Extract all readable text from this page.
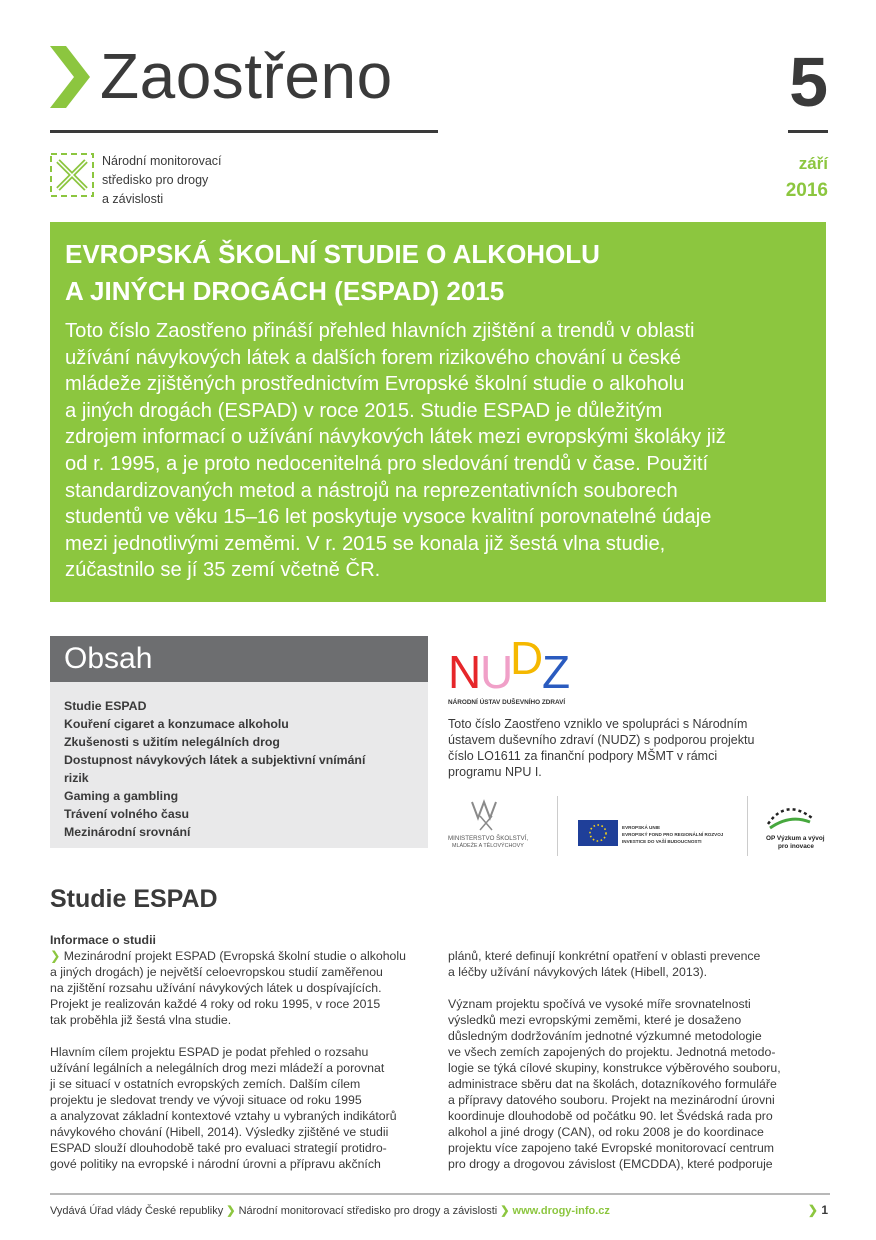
Zaostřeno
Národní monitorovací
středisko pro drogy
a závislosti
5
září
2016
EVROPSKÁ ŠKOLNÍ STUDIE O ALKOHOLU
A JINÝCH DROGÁCH (ESPAD) 2015
Toto číslo Zaostřeno přináší přehled hlavních zjištění a trendů v oblasti
užívání návykových látek a dalších forem rizikového chování u české
mládeže zjištěných prostřednictvím Evropské školní studie o alkoholu
a jiných drogách (ESPAD) v roce 2015. Studie ESPAD je důležitým
zdrojem informací o užívání návykových látek mezi evropskými školáky již
od r. 1995, a je proto nedocenitelná pro sledování trendů v čase. Použití
standardizovaných metod a nástrojů na reprezentativních souborech
studentů ve věku 15–16 let poskytuje vysoce kvalitní porovnatelné údaje
mezi jednotlivými zeměmi. V r. 2015 se konala již šestá vlna studie,
zúčastnilo se jí 35 zemí včetně ČR.
Obsah
Studie ESPAD
Kouření cigaret a konzumace alkoholu
Zkušenosti s užitím nelegálních drog
Dostupnost návykových látek a subjektivní vnímání
rizik
Gaming a gambling
Trávení volného času
Mezinárodní srovnání
N
U
D
Z
NÁRODNÍ ÚSTAV DUŠEVNÍHO ZDRAVÍ
Toto číslo Zaostřeno vzniklo ve spolupráci s Národním
ústavem duševního zdraví (NUDZ) s podporou projektu
číslo LO1611 za finanční podpory MŠMT v rámci
programu NPU I.
MINISTERSTVO ŠKOLSTVÍ,
MLÁDEŽE A TĚLOVÝCHOVY
EVROPSKÁ UNIE
EVROPSKÝ FOND PRO REGIONÁLNÍ ROZVOJ
INVESTICE DO VAŠÍ BUDOUCNOSTI	OP Výzkum a vývoj
pro inovace
Studie ESPAD
Informace o studii
❯ Mezinárodní projekt ESPAD (Evropská školní studie o alkoholu
a jiných drogách) je největší celoevropskou studií zaměřenou
na zjištění rozsahu užívání návykových látek u dospívajících.
Projekt je realizován každé 4 roky od roku 1995, v roce 2015
tak proběhla již šestá vlna studie.
Hlavním cílem projektu ESPAD je podat přehled o rozsahu
užívání legálních a nelegálních drog mezi mládeží a porovnat
ji se situací v ostatních evropských zemích. Dalším cílem
projektu je sledovat trendy ve vývoji situace od roku 1995
a analyzovat základní kontextové vztahy u vybraných indikátorů
návykového chování (Hibell, 2014). Výsledky zjištěné ve studii
ESPAD slouží dlouhodobě také pro evaluaci strategií protidro-
gové politiky na evropské i národní úrovni a přípravu akčních
plánů, které definují konkrétní opatření v oblasti prevence
a léčby užívání návykových látek (Hibell, 2013).
Význam projektu spočívá ve vysoké míře srovnatelnosti
výsledků mezi evropskými zeměmi, které je dosaženo
důsledným dodržováním jednotné výzkumné metodologie
ve všech zemích zapojených do projektu. Jednotná metodo-
logie se týká cílové skupiny, konstrukce výběrového souboru,
administrace sběru dat na školách, dotazníkového formuláře
a přípravy datového souboru. Projekt na mezinárodní úrovni
koordinuje dlouhodobě od počátku 90. let Švédská rada pro
alkohol a jiné drogy (CAN), od roku 2008 je do koordinace
projektu více zapojeno také Evropské monitorovací centrum
pro drogy a drogovou závislost (EMCDDA), které podporuje
Vydává Úřad vlády České republiky ❯ Národní monitorovací středisko pro drogy a závislosti ❯ www.drogy-info.cz	❯ 1
